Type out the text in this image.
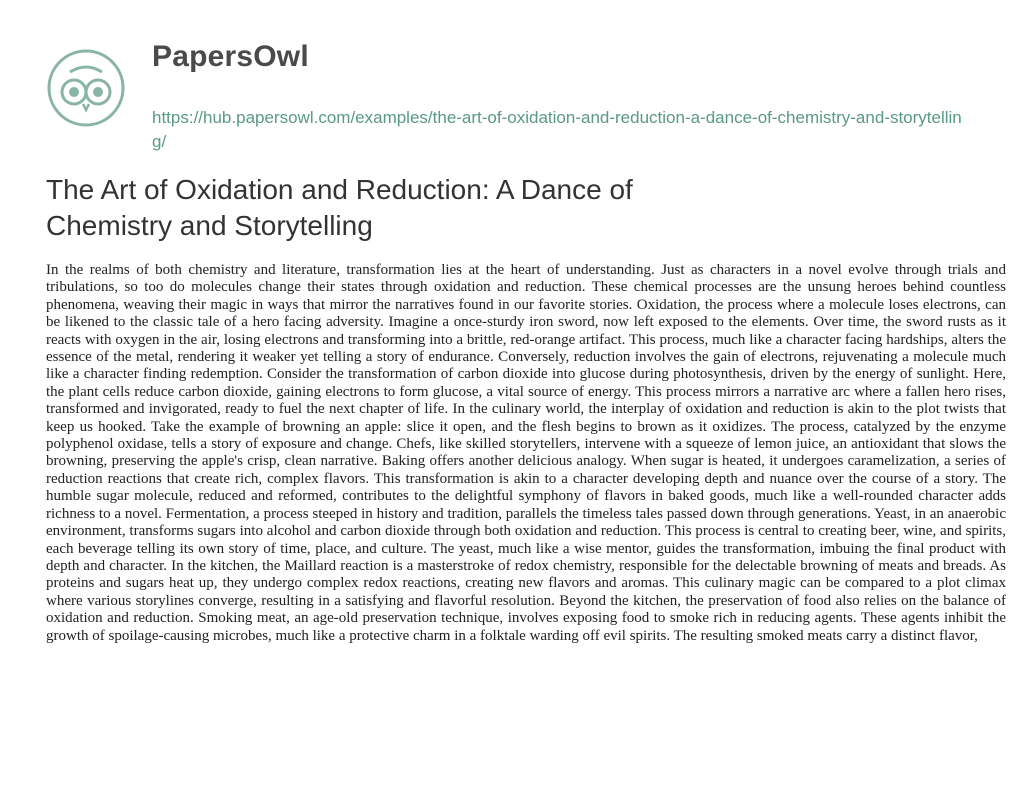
PapersOwl
https://hub.papersowl.com/examples/the-art-of-oxidation-and-reduction-a-dance-of-chemistry-and-storytelling/
The Art of Oxidation and Reduction: A Dance of Chemistry and Storytelling

In the realms of both chemistry and literature, transformation lies at the heart of understanding. Just as characters in a novel evolve through trials and tribulations, so too do molecules change their states through oxidation and reduction. These chemical processes are the unsung heroes behind countless phenomena, weaving their magic in ways that mirror the narratives found in our favorite stories. Oxidation, the process where a molecule loses electrons, can be likened to the classic tale of a hero facing adversity. Imagine a once-sturdy iron sword, now left exposed to the elements. Over time, the sword rusts as it reacts with oxygen in the air, losing electrons and transforming into a brittle, red-orange artifact. This process, much like a character facing hardships, alters the essence of the metal, rendering it weaker yet telling a story of endurance. Conversely, reduction involves the gain of electrons, rejuvenating a molecule much like a character finding redemption. Consider the transformation of carbon dioxide into glucose during photosynthesis, driven by the energy of sunlight. Here, the plant cells reduce carbon dioxide, gaining electrons to form glucose, a vital source of energy. This process mirrors a narrative arc where a fallen hero rises, transformed and invigorated, ready to fuel the next chapter of life. In the culinary world, the interplay of oxidation and reduction is akin to the plot twists that keep us hooked. Take the example of browning an apple: slice it open, and the flesh begins to brown as it oxidizes. The process, catalyzed by the enzyme polyphenol oxidase, tells a story of exposure and change. Chefs, like skilled storytellers, intervene with a squeeze of lemon juice, an antioxidant that slows the browning, preserving the apple's crisp, clean narrative. Baking offers another delicious analogy. When sugar is heated, it undergoes caramelization, a series of reduction reactions that create rich, complex flavors. This transformation is akin to a character developing depth and nuance over the course of a story. The humble sugar molecule, reduced and reformed, contributes to the delightful symphony of flavors in baked goods, much like a well-rounded character adds richness to a novel. Fermentation, a process steeped in history and tradition, parallels the timeless tales passed down through generations. Yeast, in an anaerobic environment, transforms sugars into alcohol and carbon dioxide through both oxidation and reduction. This process is central to creating beer, wine, and spirits, each beverage telling its own story of time, place, and culture. The yeast, much like a wise mentor, guides the transformation, imbuing the final product with depth and character. In the kitchen, the Maillard reaction is a masterstroke of redox chemistry, responsible for the delectable browning of meats and breads. As proteins and sugars heat up, they undergo complex redox reactions, creating new flavors and aromas. This culinary magic can be compared to a plot climax where various storylines converge, resulting in a satisfying and flavorful resolution. Beyond the kitchen, the preservation of food also relies on the balance of oxidation and reduction. Smoking meat, an age-old preservation technique, involves exposing food to smoke rich in reducing agents. These agents inhibit the growth of spoilage-causing microbes, much like a protective charm in a folktale warding off evil spirits. The resulting smoked meats carry a distinct flavor,
